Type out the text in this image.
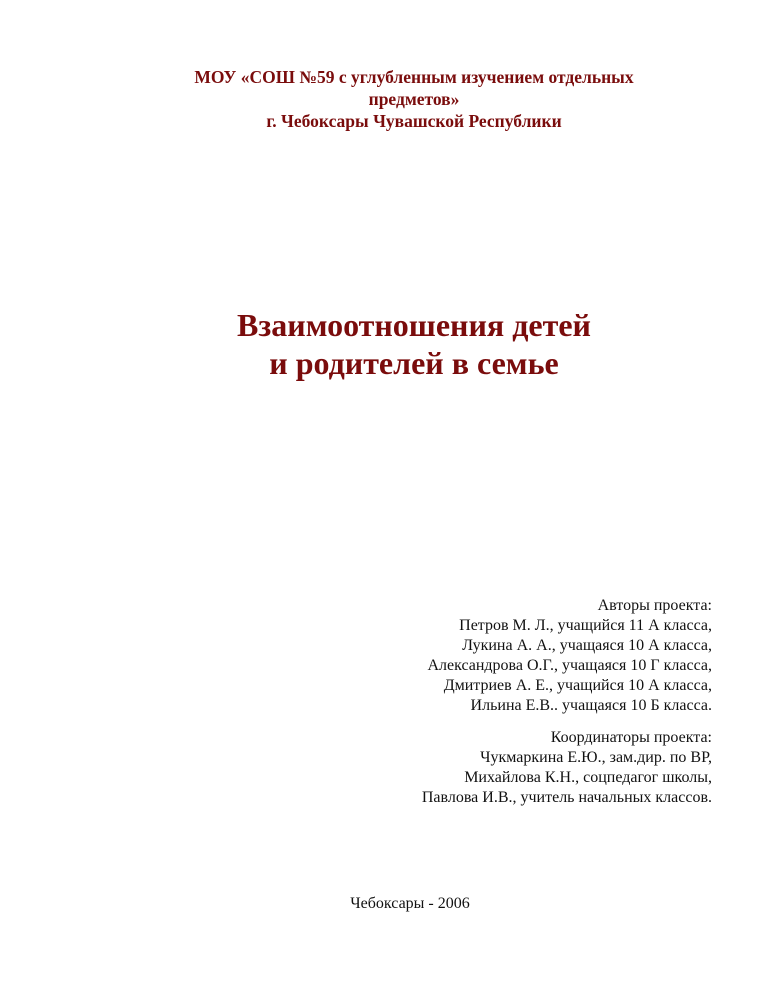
МОУ «СОШ №59 с углубленным изучением отдельных
предметов»
г. Чебоксары Чувашской Республики
Взаимоотношения детей
и родителей в семье
Авторы проекта:
Петров М. Л., учащийся 11 А класса,
Лукина А. А., учащаяся 10 А класса,
Александрова О.Г., учащаяся 10 Г класса,
Дмитриев А. Е., учащийся 10 А класса,
Ильина Е.В.. учащаяся 10 Б класса.
Координаторы проекта:
Чукмаркина Е.Ю., зам.дир. по ВР,
Михайлова К.Н., соцпедагог школы,
Павлова И.В., учитель начальных классов.
Чебоксары - 2006
